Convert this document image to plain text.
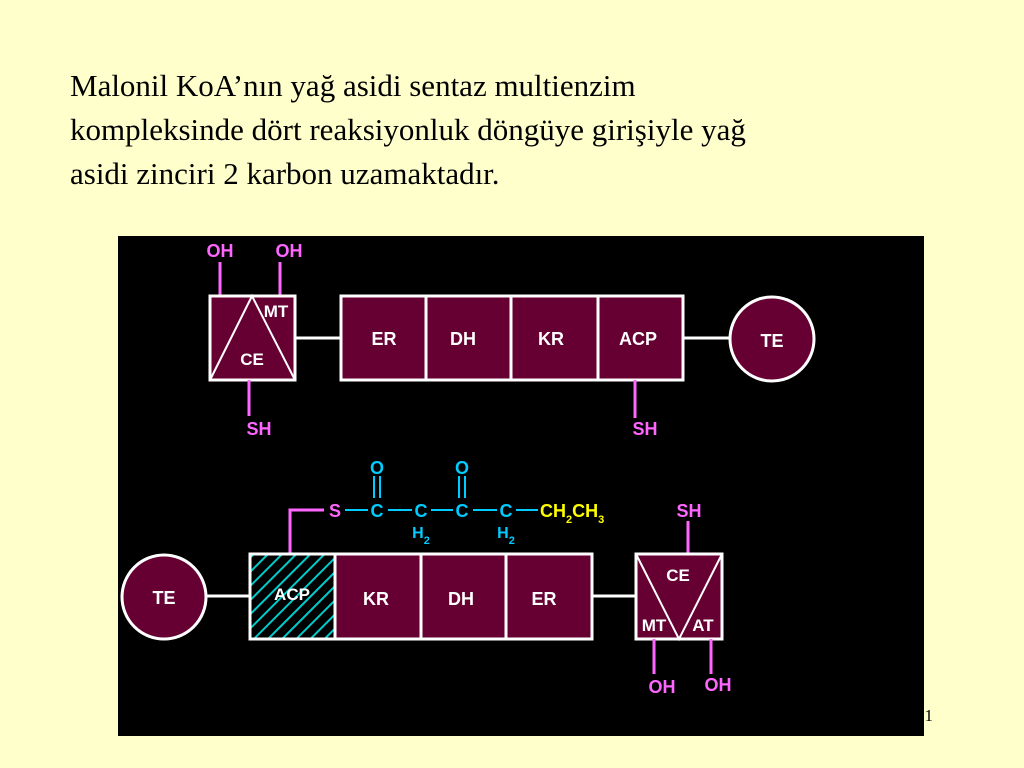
Malonil KoA’nın yağ asidi sentaz multienzim
kompleksinde dört reaksiyonluk döngüye girişiyle yağ
asidi zinciri 2 karbon uzamaktadır.
OH OH
MT
CE
SH
ER	DH	KR	ACP
SH
TE
S C
O
C
$H_2$
C
O
C
$H_2$
$CH_2CH_3$
TE	ACP	KR	DH	ER
SH
CE
MT AT
OH OH
21
